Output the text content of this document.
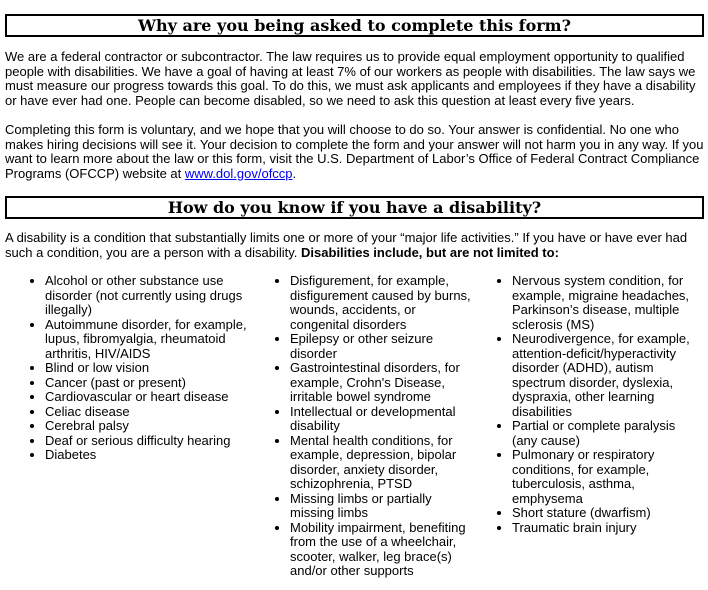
Why are you being asked to complete this form?

We are a federal contractor or subcontractor. The law requires us to provide equal employment opportunity to qualified people with disabilities. We have a goal of having at least 7% of our workers as people with disabilities. The law says we must measure our progress towards this goal. To do this, we must ask applicants and employees if they have a disability or have ever had one. People can become disabled, so we need to ask this question at least every five years.

Completing this form is voluntary, and we hope that you will choose to do so. Your answer is confidential. No one who makes hiring decisions will see it. Your decision to complete the form and your answer will not harm you in any way. If you want to learn more about the law or this form, visit the U.S. Department of Labor’s Office of Federal Contract Compliance Programs (OFCCP) website at www.dol.gov/ofccp.

How do you know if you have a disability?

A disability is a condition that substantially limits one or more of your “major life activities.” If you have or have ever had such a condition, you are a person with a disability. Disabilities include, but are not limited to:

• Alcohol or other substance use disorder (not currently using drugs illegally)
• Autoimmune disorder, for example, lupus, fibromyalgia, rheumatoid arthritis, HIV/AIDS
• Blind or low vision
• Cancer (past or present)
• Cardiovascular or heart disease
• Celiac disease
• Cerebral palsy
• Deaf or serious difficulty hearing
• Diabetes
• Disfigurement, for example, disfigurement caused by burns, wounds, accidents, or congenital disorders
• Epilepsy or other seizure disorder
• Gastrointestinal disorders, for example, Crohn's Disease, irritable bowel syndrome
• Intellectual or developmental disability
• Mental health conditions, for example, depression, bipolar disorder, anxiety disorder, schizophrenia, PTSD
• Missing limbs or partially missing limbs
• Mobility impairment, benefiting from the use of a wheelchair, scooter, walker, leg brace(s) and/or other supports
• Nervous system condition, for example, migraine headaches, Parkinson’s disease, multiple sclerosis (MS)
• Neurodivergence, for example, attention-deficit/hyperactivity disorder (ADHD), autism spectrum disorder, dyslexia, dyspraxia, other learning disabilities
• Partial or complete paralysis (any cause)
• Pulmonary or respiratory conditions, for example, tuberculosis, asthma, emphysema
• Short stature (dwarfism)
• Traumatic brain injury
